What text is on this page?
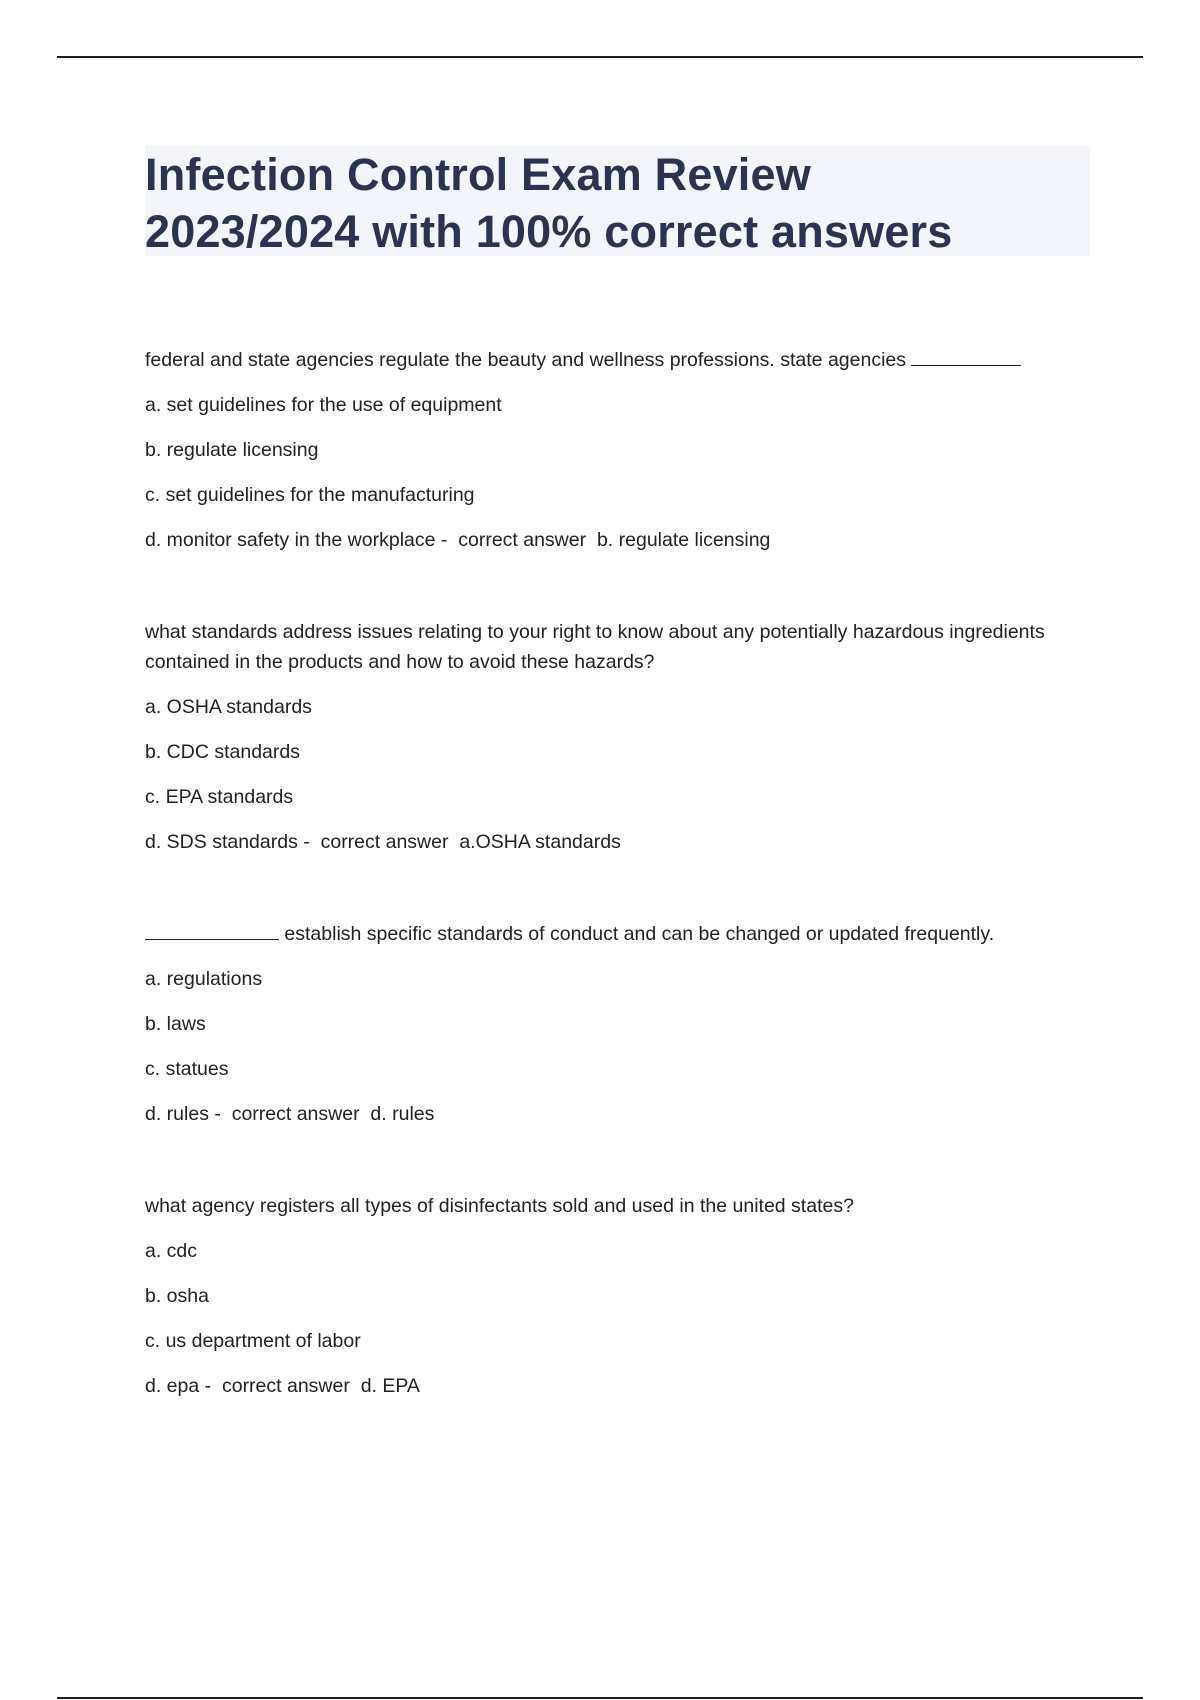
Infection Control Exam Review
2023/2024 with 100% correct answers

federal and state agencies regulate the beauty and wellness professions. state agencies

a. set guidelines for the use of equipment

b. regulate licensing

c. set guidelines for the manufacturing

d. monitor safety in the workplace -  correct answer b. regulate licensing

what standards address issues relating to your right to know about any potentially hazardous ingredients contained in the products and how to avoid these hazards?

a. OSHA standards

b. CDC standards

c. EPA standards

d. SDS standards -  correct answer a.OSHA standards

establish specific standards of conduct and can be changed or updated frequently.

a. regulations

b. laws

c. statues

d. rules -  correct answer d. rules

what agency registers all types of disinfectants sold and used in the united states?

a. cdc

b. osha

c. us department of labor

d. epa -  correct answer d. EPA
